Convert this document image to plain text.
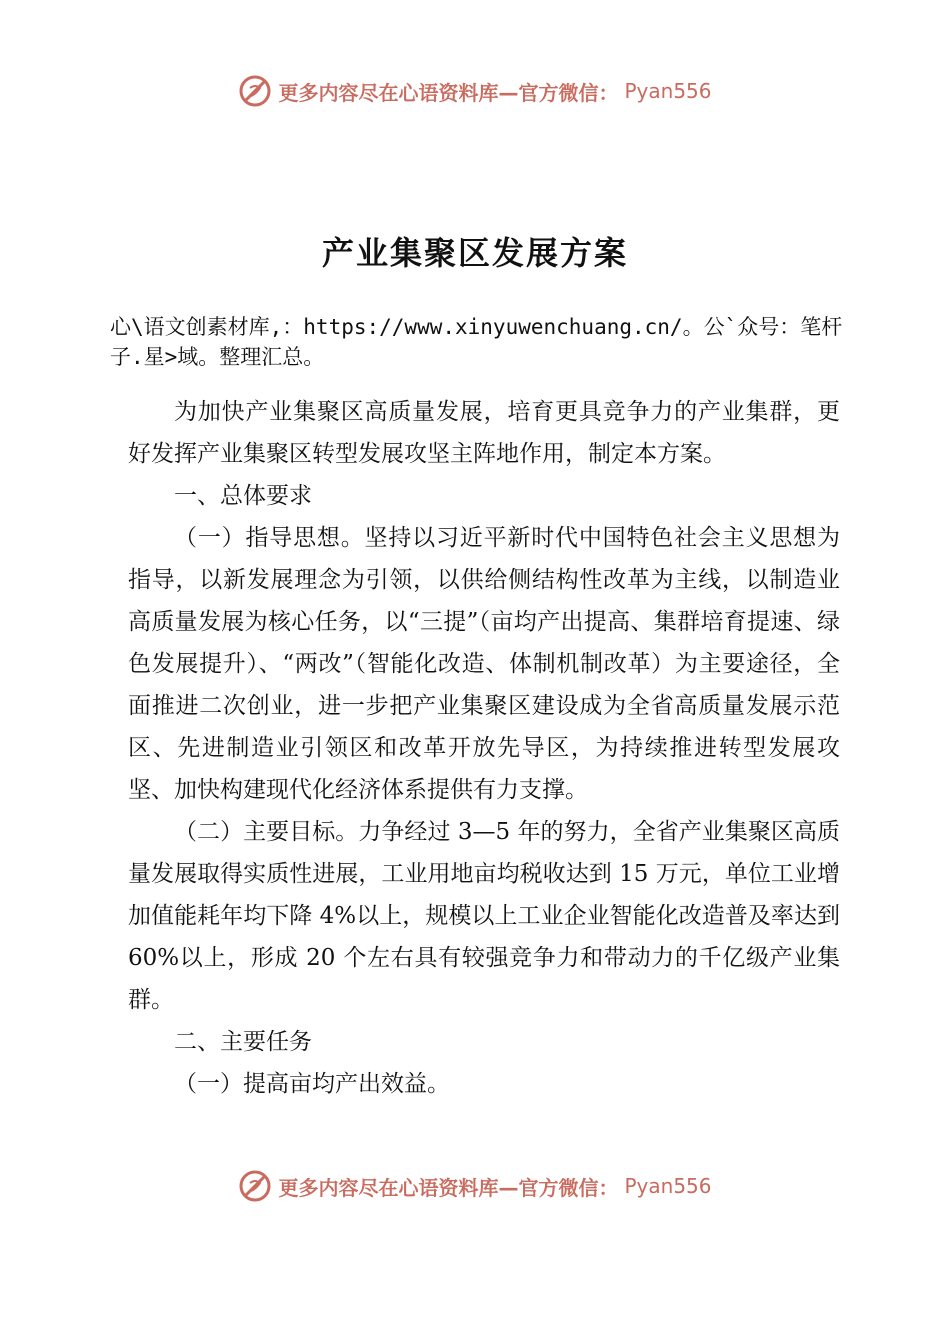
更多内容尽在心语资料库—官方微信： Pyan556
产业集聚区发展方案
心\语文创素材库,：https://www.xinyuwenchuang.cn/。公`众号：笔杆子.星>域。整理汇总。

为加快产业集聚区高质量发展，培育更具竞争力的产业集群，更好发挥产业集聚区转型发展攻坚主阵地作用，制定本方案。

一、总体要求

（一）指导思想。坚持以习近平新时代中国特色社会主义思想为指导，以新发展理念为引领，以供给侧结构性改革为主线，以制造业高质量发展为核心任务，以“三提”（亩均产出提高、集群培育提速、绿色发展提升）、“两改”（智能化改造、体制机制改革）为主要途径，全面推进二次创业，进一步把产业集聚区建设成为全省高质量发展示范区、先进制造业引领区和改革开放先导区，为持续推进转型发展攻坚、加快构建现代化经济体系提供有力支撑。

（二）主要目标。力争经过 3—5 年的努力，全省产业集聚区高质量发展取得实质性进展，工业用地亩均税收达到 15 万元，单位工业增加值能耗年均下降 4%以上，规模以上工业企业智能化改造普及率达到 60%以上，形成 20 个左右具有较强竞争力和带动力的千亿级产业集群。

二、主要任务

（一）提高亩均产出效益。

更多内容尽在心语资料库—官方微信： Pyan556
